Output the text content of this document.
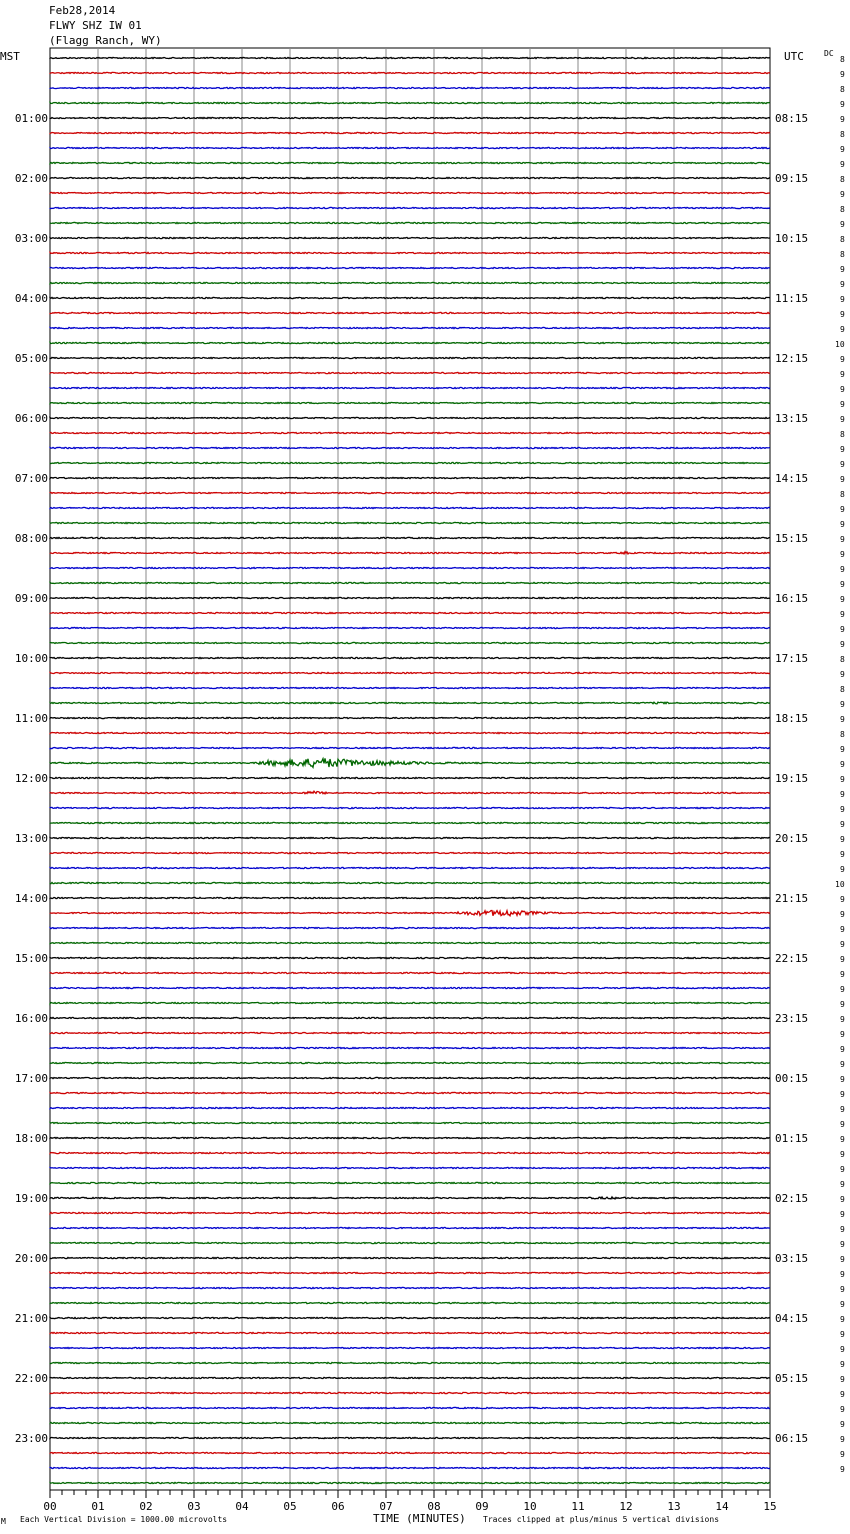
Feb28,2014
FLWY SHZ IW 01
(Flagg Ranch, WY)
MST	UTC	DC
01:00
02:00
03:00
04:00
05:00
06:00
07:00
08:00
09:00
10:00
11:00
12:00
13:00
14:00
15:00
16:00
17:00
18:00
19:00
20:00
21:00
22:00
23:00
08:15
09:15
10:15
11:15
12:15
13:15
14:15
15:15
16:15
17:15
18:15
19:15
20:15
21:15
22:15
23:15
00:15
01:15
02:15
03:15
04:15
05:15
06:15
8
9
8
9
9
8
9
9
8
9
8
9
8
8
9
9
9
9
9
10
9
9
9
9
9
8
9
9
9
8
9
9
9
9
9
9
9
9
9
9
8
9
8
9
9
8
9
9
9
9
9
9
9
9
9
10
9
9
9
9
9
9
9
9
9
9
9
9
9
9
9
9
9
9
9
9
9
9
9
9
9
9
9
9
9
9
9
9
9
9
9
9
9
9
9
00	01	02	03	04	05	06	07	08	09	10	11	12	13	14	15
M Each Vertical Division = 1000.00 microvolts	TIME (MINUTES) Traces clipped at plus/minus 5 vertical divisions
